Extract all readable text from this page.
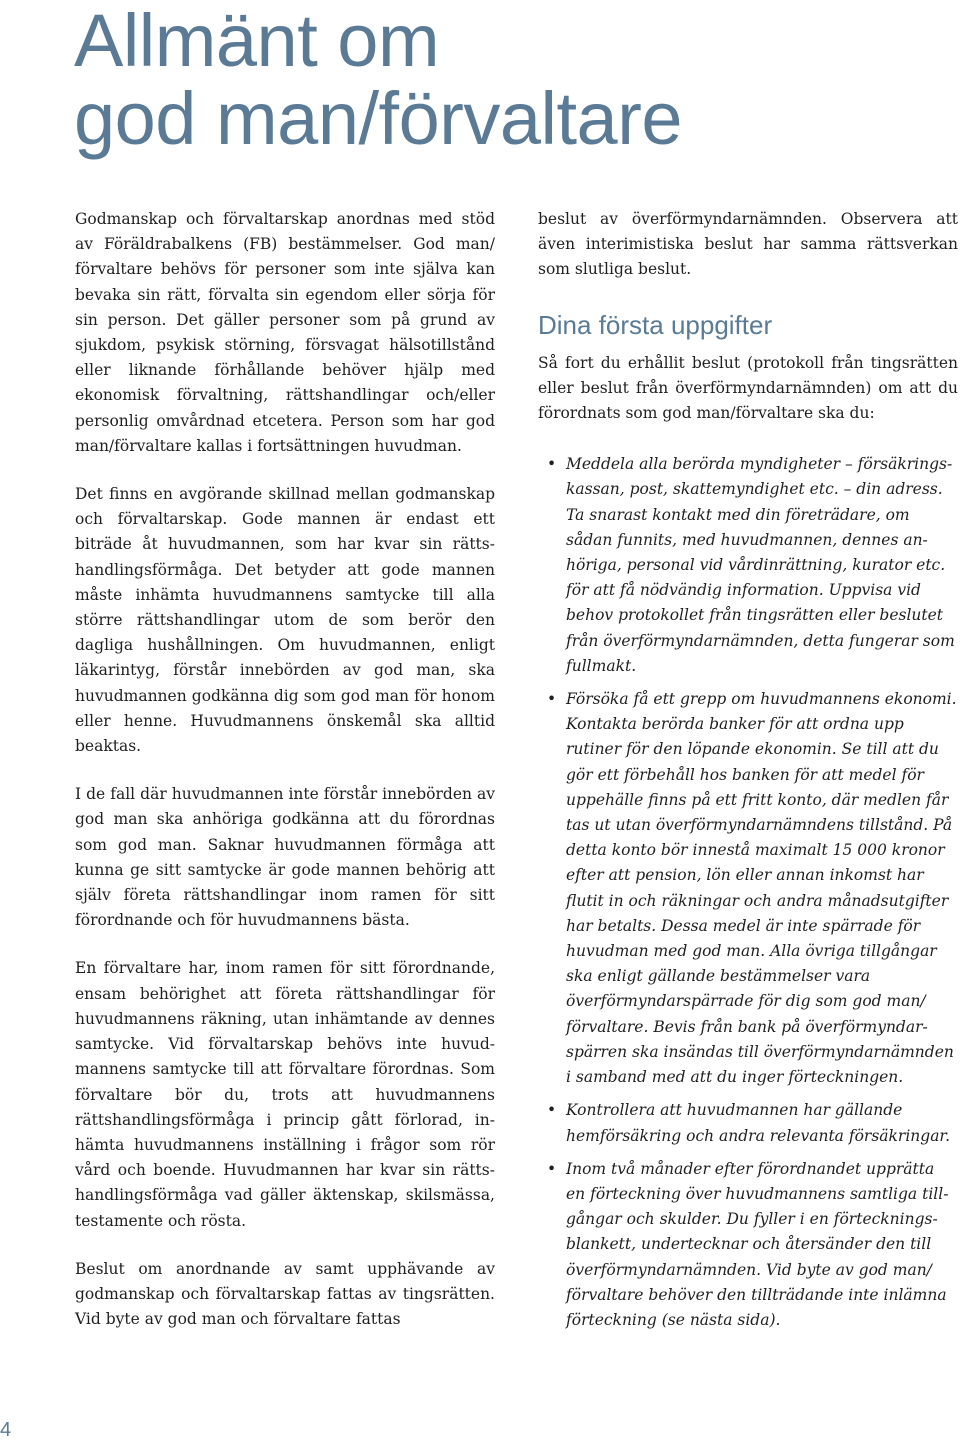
Allmänt om
god man/förvaltare

Godmanskap och förvaltarskap anordnas med stöd av Föräldrabalkens (FB) bestämmelser. God man/ förvaltare behövs för personer som inte själva kan bevaka sin rätt, förvalta sin egendom eller sörja för sin person. Det gäller personer som på grund av sjukdom, psykisk störning, försvagat hälsotillstånd eller liknande förhållande behöver hjälp med ekonomisk förvaltning, rättshandlingar och/eller personlig omvårdnad etcetera. Person som har god man/förvaltare kallas i fortsättningen huvudman.

Det finns en avgörande skillnad mellan godmanskap och förvaltarskap. Gode mannen är endast ett biträde åt huvudmannen, som har kvar sin rättshandlingsförmåga. Det betyder att gode mannen måste inhämta huvudmannens samtycke till alla större rättshandlingar utom de som berör den dagliga hushållningen. Om huvudmannen, enligt läkarintyg, förstår innebörden av god man, ska huvudmannen godkänna dig som god man för honom eller henne. Huvudmannens önskemål ska alltid beaktas.

I de fall där huvudmannen inte förstår innebörden av god man ska anhöriga godkänna att du förordnas som god man. Saknar huvudmannen förmåga att kunna ge sitt samtycke är gode mannen behörig att själv företa rättshandlingar inom ramen för sitt förordnande och för huvudmannens bästa.

En förvaltare har, inom ramen för sitt förordnande, ensam behörighet att företa rättshandlingar för huvudmannens räkning, utan inhämtande av dennes samtycke. Vid förvaltarskap behövs inte huvudmannens samtycke till att förvaltare förordnas. Som förvaltare bör du, trots att huvudmannens rättshandlingsförmåga i princip gått förlorad, inhämta huvudmannens inställning i frågor som rör vård och boende. Huvudmannen har kvar sin rättshandlingsförmåga vad gäller äktenskap, skilsmässa, testamente och rösta.

Beslut om anordnande av samt upphävande av godmanskap och förvaltarskap fattas av tingsrätten. Vid byte av god man och förvaltare fattas

beslut av överförmyndarnämnden. Observera att även interimistiska beslut har samma rättsverkan som slutliga beslut.

Dina första uppgifter

Så fort du erhållit beslut (protokoll från tingsrätten eller beslut från överförmyndarnämnden) om att du förordnats som god man/förvaltare ska du:

• Meddela alla berörda myndigheter – försäkringskassan, post, skattemyndighet etc. – din adress. Ta snarast kontakt med din företrädare, om sådan funnits, med huvudmannen, dennes anhöriga, personal vid vårdinrättning, kurator etc. för att få nödvändig information. Uppvisa vid behov protokollet från tingsrätten eller beslutet från överförmyndarnämnden, detta fungerar som fullmakt.
• Försöka få ett grepp om huvudmannens ekonomi. Kontakta berörda banker för att ordna upp rutiner för den löpande ekonomin. Se till att du gör ett förbehåll hos banken för att medel för uppehälle finns på ett fritt konto, där medlen får tas ut utan överförmyndarnämndens tillstånd. På detta konto bör innestå maximalt 15 000 kronor efter att pension, lön eller annan inkomst har flutit in och räkningar och andra månadsutgifter har betalts. Dessa medel är inte spärrade för huvudman med god man. Alla övriga tillgångar ska enligt gällande bestämmelser vara överförmyndarspärrade för dig som god man/ förvaltare. Bevis från bank på överförmyndarspärren ska insändas till överförmyndarnämnden i samband med att du inger förteckningen.
• Kontrollera att huvudmannen har gällande hemförsäkring och andra relevanta försäkringar.
• Inom två månader efter förordnandet upprätta en förteckning över huvudmannens samtliga tillgångar och skulder. Du fyller i en förteckningsblankett, undertecknar och återsänder den till överförmyndarnämnden. Vid byte av god man/ förvaltare behöver den tillträdande inte inlämna förteckning (se nästa sida).
4
